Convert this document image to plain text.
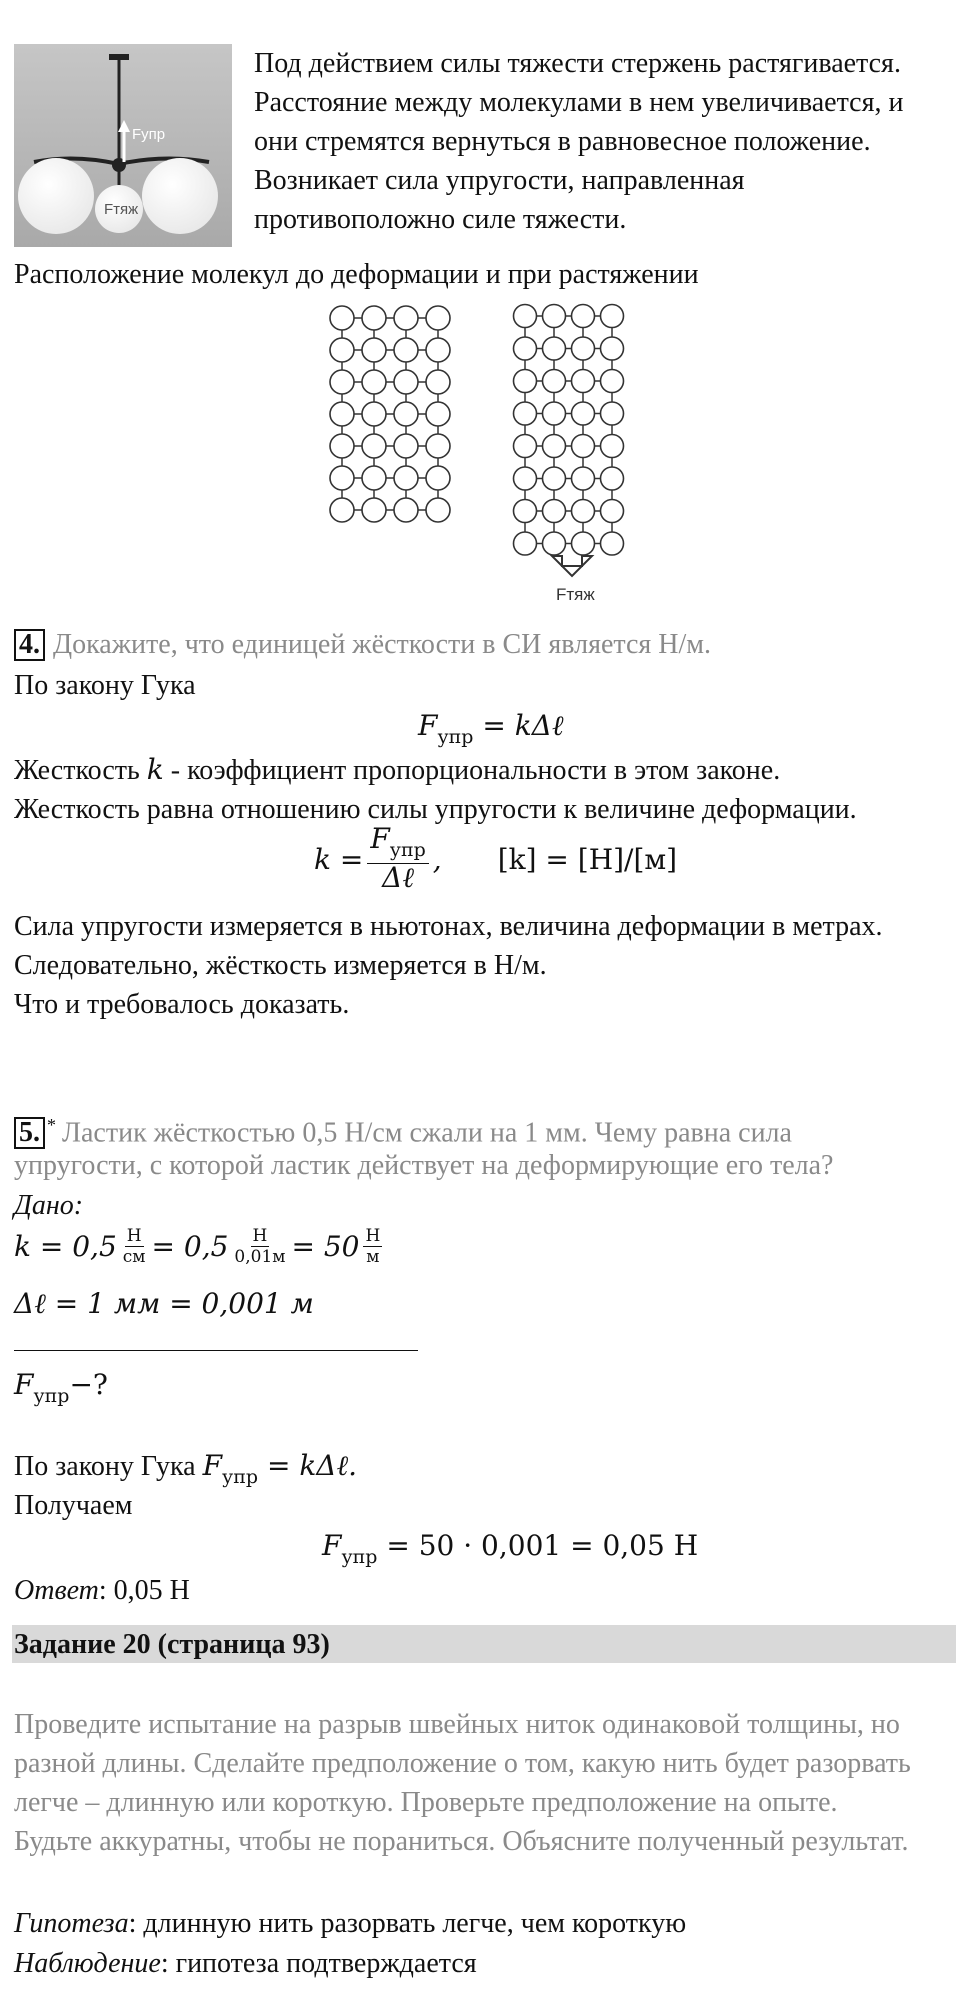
Fупр
Fтяж
Под действием силы тяжести стержень растягивается.
Расстояние между молекулами в нем увеличивается, и
они стремятся вернуться в равновесное положение.
Возникает сила упругости, направленная
противоположно силе тяжести.
Расположение молекул до деформации и при растяжении
Fтяж
4. Докажите, что единицей жёсткости в СИ является Н/м.
По закону Гука
$F_{упр}$ = kΔℓ
Жесткость k - коэффициент пропорциональности в этом законе.
Жесткость равна отношению силы упругости к величине деформации.
$k = \frac{F_{упр}}{\text{Δℓ}}$ , [k] = [Н]/[м]
Сила упругости измеряется в ньютонах, величина деформации в метрах.
Следовательно, жёсткость измеряется в Н/м.
Что и требовалось доказать.
5. * Ластик жёсткостью 0,5 Н/см сжали на 1 мм. Чему равна сила
упругости, с которой ластик действует на деформирующие его тела?
Дано:
k = 0,5 Н
см = 0,5 Н
0,01м = 50 Н
м
Δℓ = 1 мм = 0,001 м
$F_{упр}-$?
По закону Гука $F_{упр}$ = kΔℓ.
Получаем
$F_{упр} = 50 \cdot 0,001 = 0,05$ Н
Ответ: 0,05 Н
Задание 20 (страница 93)
Проведите испытание на разрыв швейных ниток одинаковой толщины, но
разной длины. Сделайте предположение о том, какую нить будет разорвать
легче – длинную или короткую. Проверьте предположение на опыте.
Будьте аккуратны, чтобы не пораниться. Объясните полученный результат.
Гипотеза: длинную нить разорвать легче, чем короткую
Наблюдение: гипотеза подтверждается
